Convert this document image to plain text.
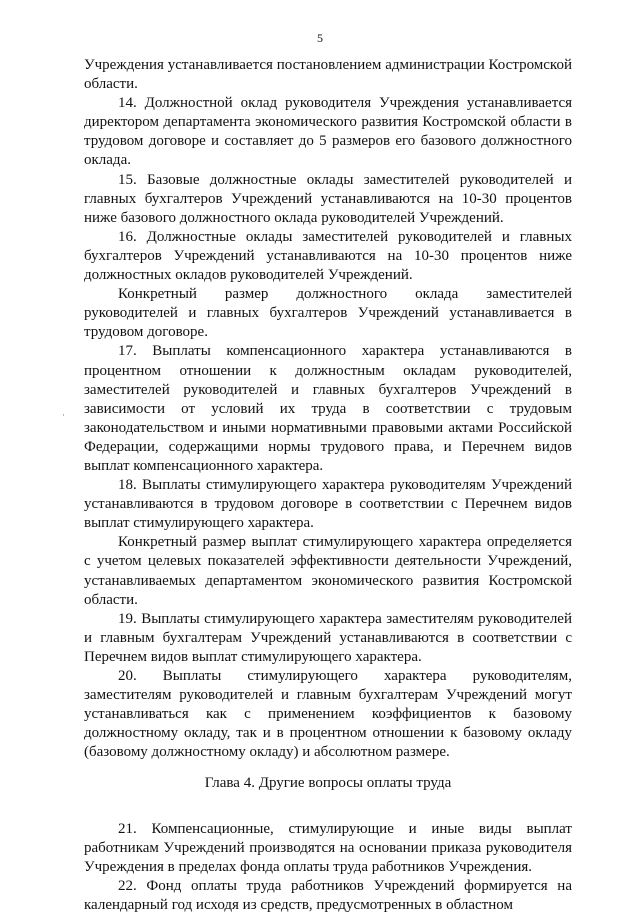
5
·

Учреждения устанавливается постановлением администрации Костромской области.

14. Должностной оклад руководителя Учреждения устанавливается директором департамента экономического развития Костромской области в трудовом договоре и составляет до 5 размеров его базового должностного оклада.

15. Базовые должностные оклады заместителей руководителей и главных бухгалтеров Учреждений устанавливаются на 10-30 процентов ниже базового должностного оклада руководителей Учреждений.

16. Должностные оклады заместителей руководителей и главных бухгалтеров Учреждений устанавливаются на 10-30 процентов ниже должностных окладов руководителей Учреждений.

Конкретный размер должностного оклада заместителей руководителей и главных бухгалтеров Учреждений устанавливается в трудовом договоре.

17. Выплаты компенсационного характера устанавливаются в процентном отношении к должностным окладам руководителей, заместителей руководителей и главных бухгалтеров Учреждений в зависимости от условий их труда в соответствии с трудовым законодательством и иными нормативными правовыми актами Российской Федерации, содержащими нормы трудового права, и Перечнем видов выплат компенсационного характера.

18. Выплаты стимулирующего характера руководителям Учреждений устанавливаются в трудовом договоре в соответствии с Перечнем видов выплат стимулирующего характера.

Конкретный размер выплат стимулирующего характера определяется с учетом целевых показателей эффективности деятельности Учреждений, устанавливаемых департаментом экономического развития Костромской области.

19. Выплаты стимулирующего характера заместителям руководителей и главным бухгалтерам Учреждений устанавливаются в соответствии с Перечнем видов выплат стимулирующего характера.

20. Выплаты стимулирующего характера руководителям, заместителям руководителей и главным бухгалтерам Учреждений могут устанавливаться как с применением коэффициентов к базовому должностному окладу, так и в процентном отношении к базовому окладу (базовому должностному окладу) и абсолютном размере.

Глава 4. Другие вопросы оплаты труда

21. Компенсационные, стимулирующие и иные виды выплат работникам Учреждений производятся на основании приказа руководителя Учреждения в пределах фонда оплаты труда работников Учреждения.

22. Фонд оплаты труда работников Учреждений формируется на календарный год исходя из средств, предусмотренных в областном
